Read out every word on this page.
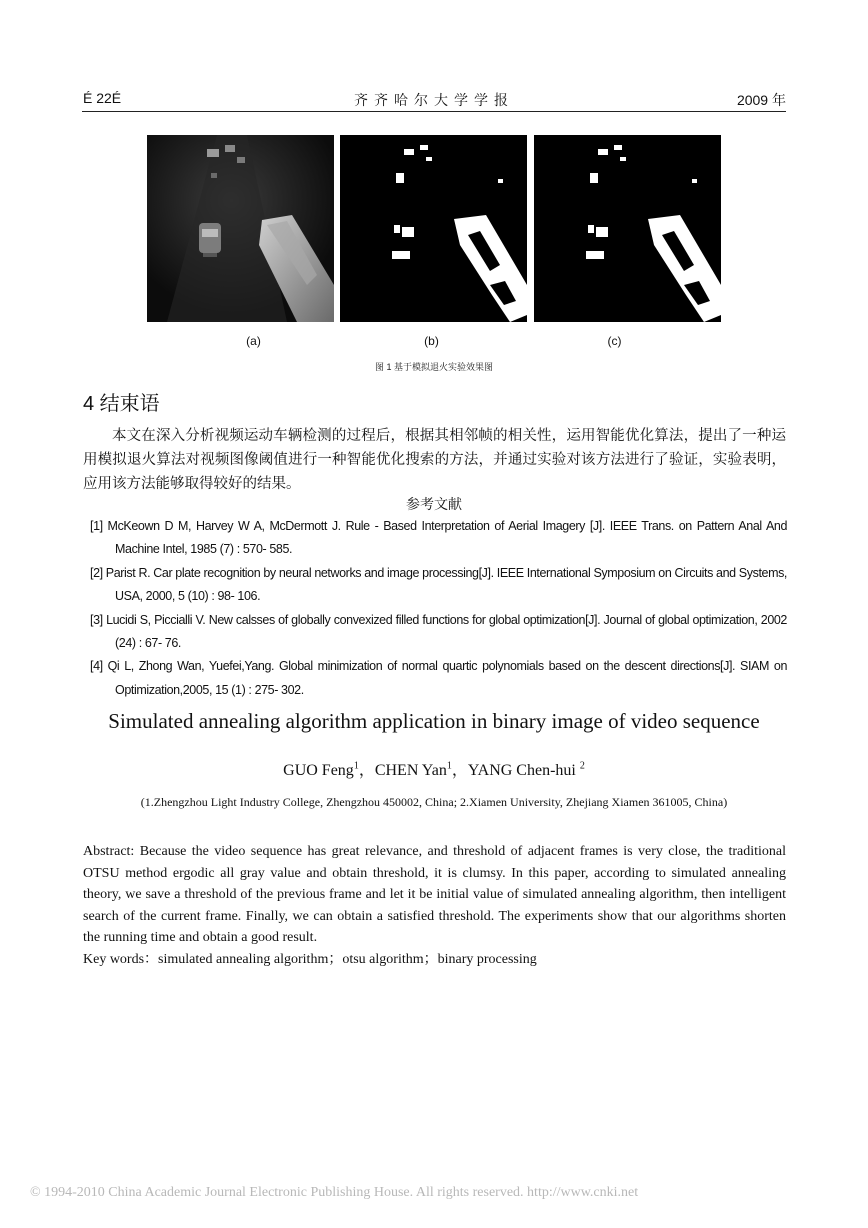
É 22É	齐齐哈尔大学学报	2009 年
(a)	(b)	(c)
图 1 基于模拟退火实验效果图
4 结束语

本文在深入分析视频运动车辆检测的过程后，根据其相邻帧的相关性，运用智能优化算法，提出了一种运用模拟退火算法对视频图像阈值进行一种智能优化搜索的方法，并通过实验对该方法进行了验证，实验表明，应用该方法能够取得较好的结果。

参考文献

[1] McKeown D M, Harvey W A, McDermott J. Rule - Based Interpretation of Aerial Imagery [J]. IEEE Trans. on Pattern Anal And Machine Intel, 1985 (7) : 570- 585.

[2] Parist R. Car plate recognition by neural networks and image processing[J]. IEEE International Symposium on Circuits and Systems, USA, 2000, 5 (10) : 98- 106.

[3] Lucidi S, Piccialli V. New calsses of globally convexized filled functions for global optimization[J]. Journal of global optimization, 2002 (24) : 67- 76.

[4] Qi L, Zhong Wan, Yuefei,Yang. Global minimization of normal quartic polynomials based on the descent directions[J]. SIAM on Optimization,2005, 15 (1) : 275- 302.

Simulated annealing algorithm application in binary image of video sequence
GUO Feng$^1$，CHEN Yan$^1$，YANG Chen-hui $^2$
(1.Zhengzhou Light Industry College, Zhengzhou 450002, China; 2.Xiamen University, Zhejiang Xiamen 361005, China)

Abstract: Because the video sequence has great relevance, and threshold of adjacent frames is very close, the traditional OTSU method ergodic all gray value and obtain threshold, it is clumsy. In this paper, according to simulated annealing theory, we save a threshold of the previous frame and let it be initial value of simulated annealing algorithm, then intelligent search of the current frame. Finally, we can obtain a satisfied threshold. The experiments show that our algorithms shorten the running time and obtain a good result.

Key words：simulated annealing algorithm；otsu algorithm；binary processing

© 1994-2010 China Academic Journal Electronic Publishing House. All rights reserved. http://www.cnki.net
